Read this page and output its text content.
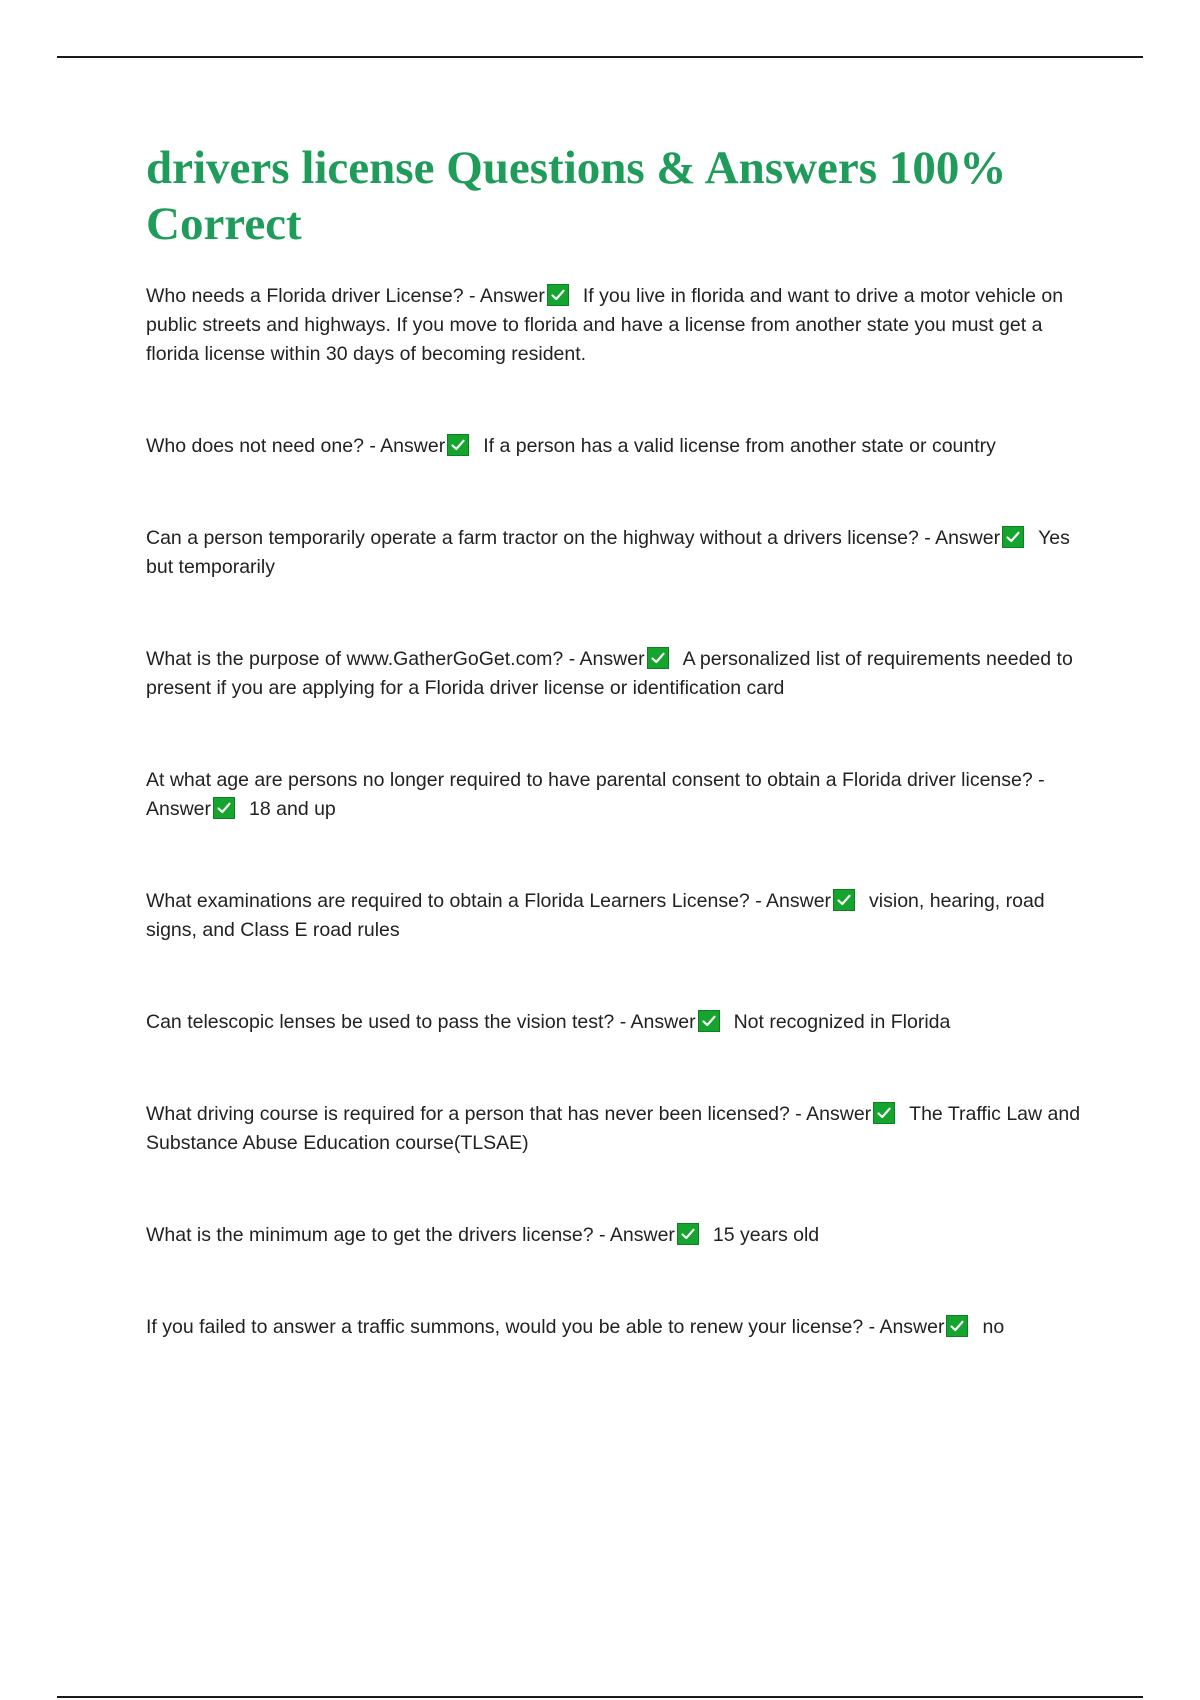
drivers license Questions & Answers 100% Correct

Who needs a Florida driver License? - Answer If you live in florida and want to drive a motor vehicle on public streets and highways. If you move to florida and have a license from another state you must get a florida license within 30 days of becoming resident.

Who does not need one? - Answer If a person has a valid license from another state or country

Can a person temporarily operate a farm tractor on the highway without a drivers license? - Answer Yes but temporarily

What is the purpose of www.GatherGoGet.com? - Answer A personalized list of requirements needed to present if you are applying for a Florida driver license or identification card

At what age are persons no longer required to have parental consent to obtain a Florida driver license? - Answer 18 and up

What examinations are required to obtain a Florida Learners License? - Answer vision, hearing, road signs, and Class E road rules

Can telescopic lenses be used to pass the vision test? - Answer Not recognized in Florida

What driving course is required for a person that has never been licensed? - Answer The Traffic Law and Substance Abuse Education course(TLSAE)

What is the minimum age to get the drivers license? - Answer 15 years old

If you failed to answer a traffic summons, would you be able to renew your license? - Answer no
